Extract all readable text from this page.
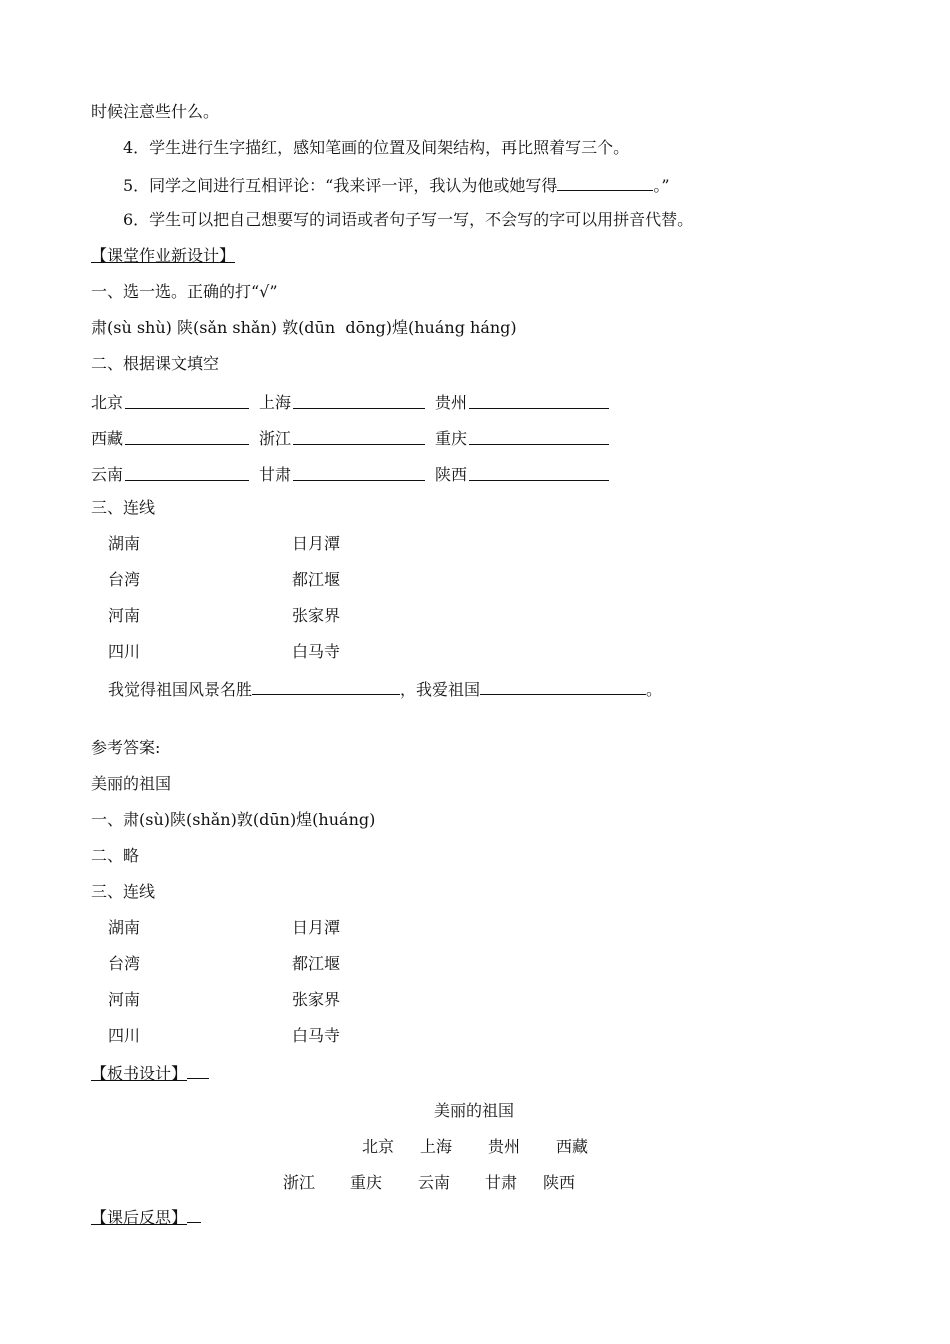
时候注意些什么。
4．学生进行生字描红，感知笔画的位置及间架结构，再比照着写三个。
5．同学之间进行互相评论：“我来评一评，我认为他或她写得	。”
6．学生可以把自己想要写的词语或者句子写一写，不会写的字可以用拼音代替。
【课堂作业新设计】
一、选一选。正确的打“√”
肃(sù shù) 陕(sǎn shǎn) 敦(dūn  dōng)煌(huáng háng)
二、根据课文填空
北京	上海	贵州
西藏	浙江	重庆
云南	甘肃	陕西
三、连线
湖南	日月潭
台湾	都江堰
河南	张家界
四川	白马寺
我觉得祖国风景名胜	，我爱祖国	。
参考答案:
美丽的祖国
一、肃(sù)陕(shǎn)敦(dūn)煌(huáng)
二、略
三、连线
湖南	日月潭
台湾	都江堰
河南	张家界
四川	白马寺
【板书设计】
美丽的祖国
北京 上海 贵州 西藏
浙江 重庆 云南 甘肃 陕西
【课后反思】
